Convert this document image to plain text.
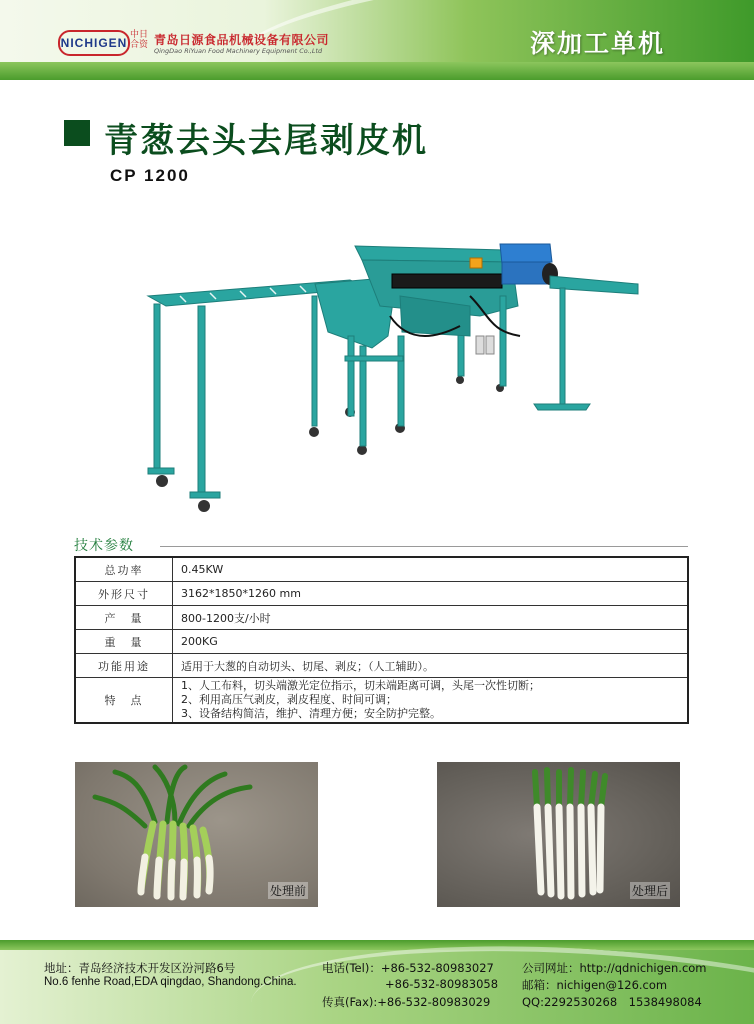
NICHIGEN
中日合资 青岛日源食品机械设备有限公司
QingDao RiYuan Food Machinery Equipment Co.,Ltd	深加工单机
青葱去头去尾剥皮机
CP 1200
技术参数
总功率	0.45KW
外形尺寸	3162*1850*1260 mm
产　量	800-1200支/小时
重　量	200KG
功能用途	适用于大葱的自动切头、切尾、剥皮；（人工辅助）。
特　点	1、人工布料，切头端激光定位指示，切未端距离可调，头尾一次性切断；
2、利用高压气剥皮，剥皮程度、时间可调；
3、设备结构简洁，维护、清理方便；安全防护完整。
处理前	处理后
地址：青岛经济技术开发区汾河路6号
No.6 fenhe Road,EDA qingdao, Shandong.China.
电话(Tel)：+86-532-80983027
+86-532-80983058
传真(Fax):+86-532-80983029
公司网址：http://qdnichigen.com
邮箱：nichigen@126.com
QQ:2292530268　1538498084
